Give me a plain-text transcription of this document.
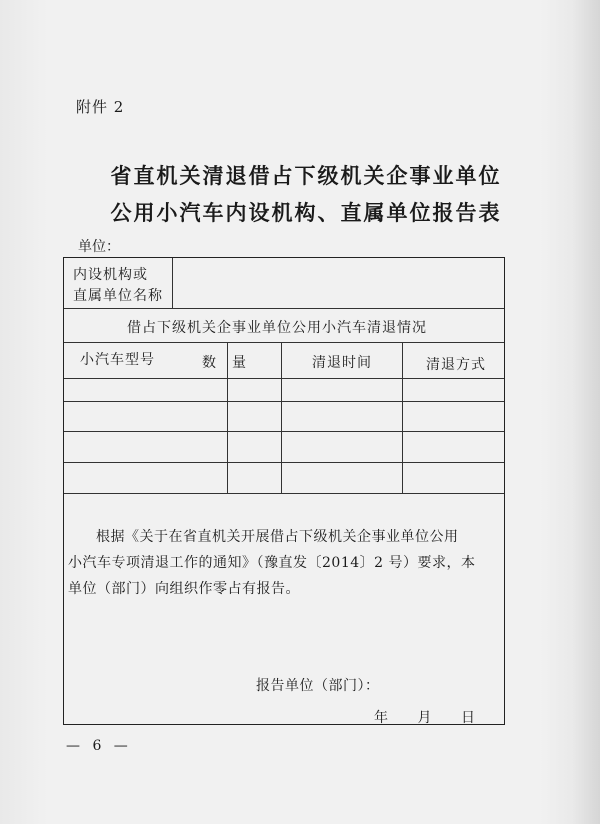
附件 2
省直机关清退借占下级机关企事业单位
公用小汽车内设机构、直属单位报告表
单位：
内设机构或
直属单位名称
借占下级机关企事业单位公用小汽车清退情况
小汽车型号	数　量	清退时间	清退方式
根据《关于在省直机关开展借占下级机关企事业单位公用
小汽车专项清退工作的通知》（豫直发〔2014〕2 号）要求，本
单位（部门）向组织作零占有报告。
报告单位（部门）：
年　　月　　日
— 6 —
